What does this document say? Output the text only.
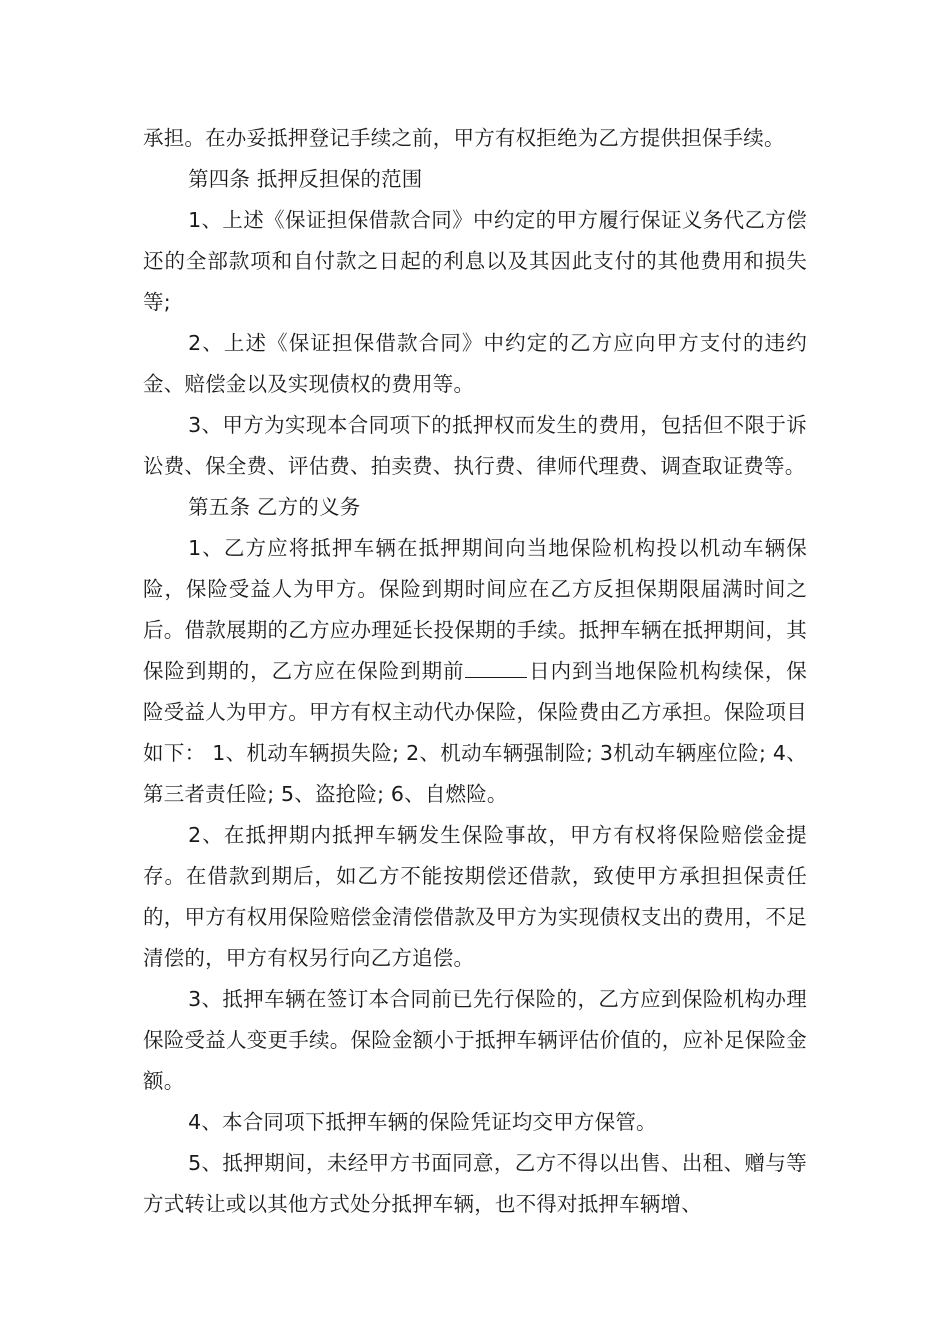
承担。在办妥抵押登记手续之前，甲方有权拒绝为乙方提供担保手续。

第四条 抵押反担保的范围

1、上述《保证担保借款合同》中约定的甲方履行保证义务代乙方偿还的全部款项和自付款之日起的利息以及其因此支付的其他费用和损失等;

2、上述《保证担保借款合同》中约定的乙方应向甲方支付的违约金、赔偿金以及实现债权的费用等。

3、甲方为实现本合同项下的抵押权而发生的费用，包括但不限于诉讼费、保全费、评估费、拍卖费、执行费、律师代理费、调查取证费等。

第五条 乙方的义务

1、乙方应将抵押车辆在抵押期间向当地保险机构投以机动车辆保险，保险受益人为甲方。保险到期时间应在乙方反担保期限届满时间之后。借款展期的乙方应办理延长投保期的手续。抵押车辆在抵押期间，其保险到期的，乙方应在保险到期前	日内到当地保险机构续保，保险受益人为甲方。甲方有权主动代办保险，保险费由乙方承担。保险项目如下： 1、机动车辆损失险; 2、机动车辆强制险; 3机动车辆座位险; 4、第三者责任险; 5、盗抢险; 6、自燃险。

2、在抵押期内抵押车辆发生保险事故，甲方有权将保险赔偿金提存。在借款到期后，如乙方不能按期偿还借款，致使甲方承担担保责任的，甲方有权用保险赔偿金清偿借款及甲方为实现债权支出的费用，不足清偿的，甲方有权另行向乙方追偿。

3、抵押车辆在签订本合同前已先行保险的，乙方应到保险机构办理保险受益人变更手续。保险金额小于抵押车辆评估价值的，应补足保险金额。

4、本合同项下抵押车辆的保险凭证均交甲方保管。

5、抵押期间，未经甲方书面同意，乙方不得以出售、出租、赠与等方式转让或以其他方式处分抵押车辆，也不得对抵押车辆增、
